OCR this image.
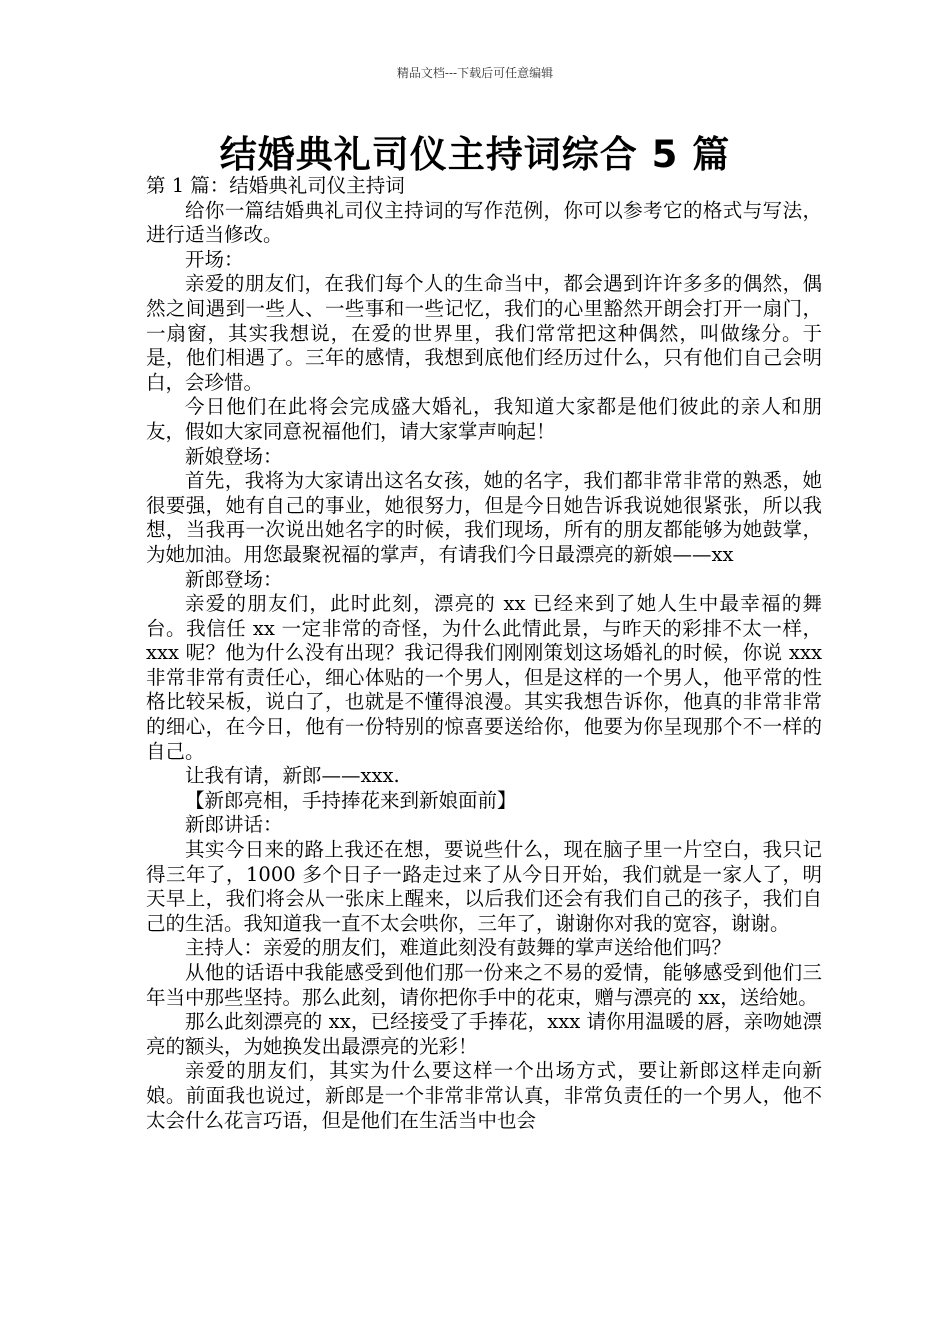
精品文档---下载后可任意编辑
结婚典礼司仪主持词综合 5 篇

第 1 篇：结婚典礼司仪主持词

给你一篇结婚典礼司仪主持词的写作范例，你可以参考它的格式与写法，进行适当修改。

开场：

亲爱的朋友们，在我们每个人的生命当中，都会遇到许许多多的偶然，偶然之间遇到一些人、一些事和一些记忆，我们的心里豁然开朗会打开一扇门，一扇窗，其实我想说，在爱的世界里，我们常常把这种偶然，叫做缘分。于是，他们相遇了。三年的感情，我想到底他们经历过什么，只有他们自己会明白，会珍惜。

今日他们在此将会完成盛大婚礼，我知道大家都是他们彼此的亲人和朋友，假如大家同意祝福他们，请大家掌声响起！

新娘登场：

首先，我将为大家请出这名女孩，她的名字，我们都非常非常的熟悉，她很要强，她有自己的事业，她很努力，但是今日她告诉我说她很紧张，所以我想，当我再一次说出她名字的时候，我们现场，所有的朋友都能够为她鼓掌，为她加油。用您最聚祝福的掌声，有请我们今日最漂亮的新娘——xx

新郎登场：

亲爱的朋友们，此时此刻，漂亮的 xx 已经来到了她人生中最幸福的舞台。我信任 xx 一定非常的奇怪，为什么此情此景，与昨天的彩排不太一样，xxx 呢？他为什么没有出现？我记得我们刚刚策划这场婚礼的时候，你说 xxx 非常非常有责任心，细心体贴的一个男人，但是这样的一个男人，他平常的性格比较呆板，说白了，也就是不懂得浪漫。其实我想告诉你，他真的非常非常的细心，在今日，他有一份特别的惊喜要送给你，他要为你呈现那个不一样的自己。

让我有请，新郎——xxx.

【新郎亮相，手持捧花来到新娘面前】

新郎讲话：

其实今日来的路上我还在想，要说些什么，现在脑子里一片空白，我只记得三年了，1000 多个日子一路走过来了从今日开始，我们就是一家人了，明天早上，我们将会从一张床上醒来，以后我们还会有我们自己的孩子，我们自己的生活。我知道我一直不太会哄你，三年了，谢谢你对我的宽容，谢谢。

主持人：亲爱的朋友们，难道此刻没有鼓舞的掌声送给他们吗？

从他的话语中我能感受到他们那一份来之不易的爱情，能够感受到他们三年当中那些坚持。那么此刻，请你把你手中的花束，赠与漂亮的 xx，送给她。

那么此刻漂亮的 xx，已经接受了手捧花，xxx 请你用温暖的唇，亲吻她漂亮的额头，为她换发出最漂亮的光彩！

亲爱的朋友们，其实为什么要这样一个出场方式，要让新郎这样走向新娘。前面我也说过，新郎是一个非常非常认真，非常负责任的一个男人，他不太会什么花言巧语，但是他们在生活当中也会
